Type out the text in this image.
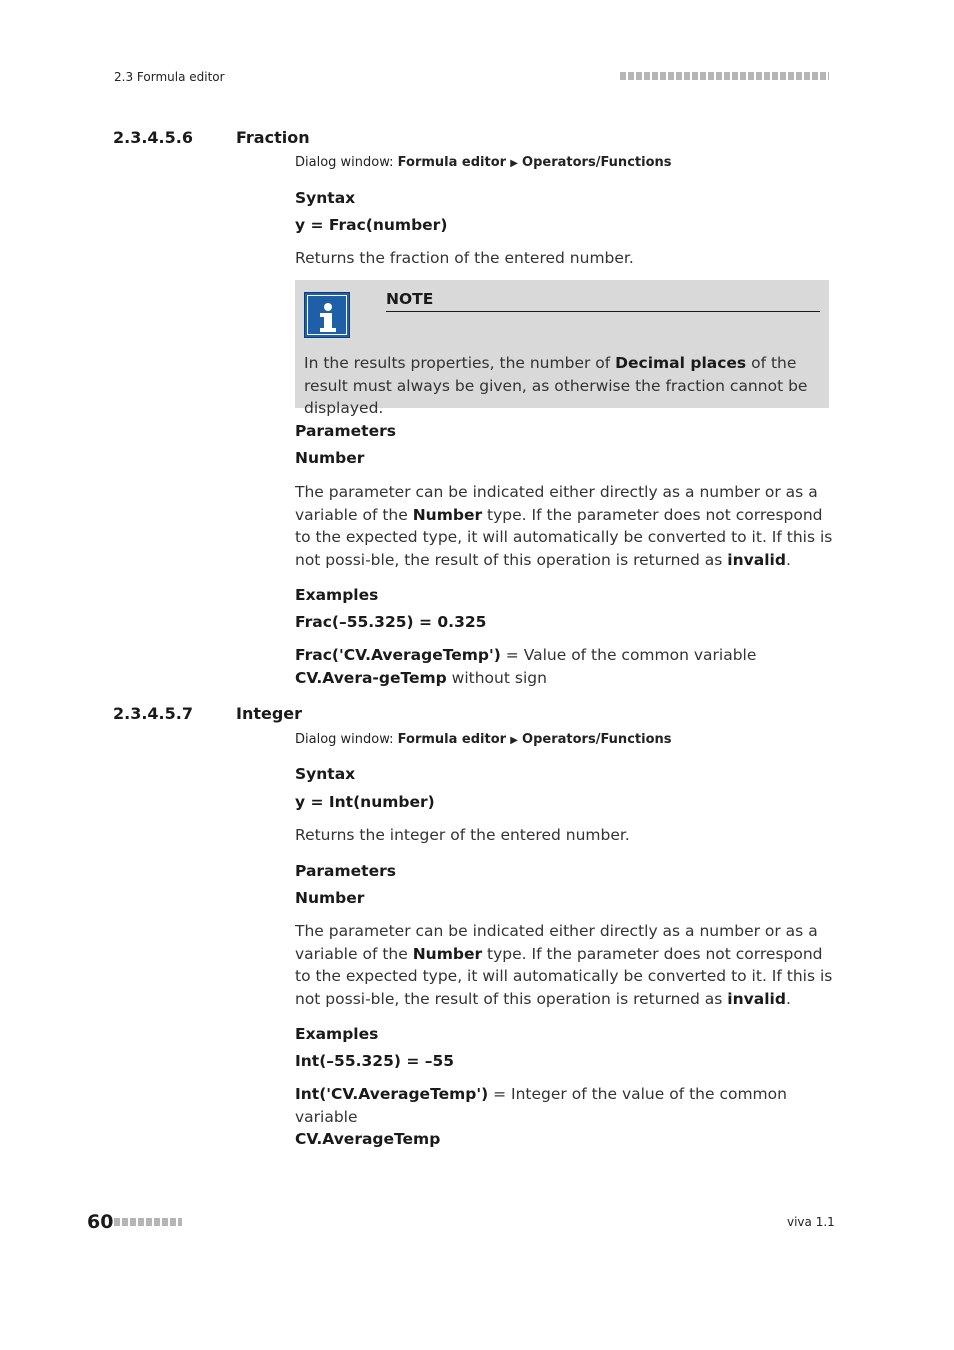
2.3 Formula editor
2.3.4.5.6	Fraction
Dialog window: Formula editor ▶ Operators/Functions
Syntax
y = Frac(number)
Returns the fraction of the entered number.
NOTE
In the results properties, the number of Decimal places of the result must always be given, as otherwise the fraction cannot be displayed.
Parameters
Number
The parameter can be indicated either directly as a number or as a variable of the Number type. If the parameter does not correspond to the expected type, it will automatically be converted to it. If this is not possi-ble, the result of this operation is returned as invalid.
Examples
Frac(–55.325) = 0.325
Frac('CV.AverageTemp') = Value of the common variable CV.Avera-geTemp without sign
2.3.4.5.7	Integer
Dialog window: Formula editor ▶ Operators/Functions
Syntax
y = Int(number)
Returns the integer of the entered number.
Parameters
Number
The parameter can be indicated either directly as a number or as a variable of the Number type. If the parameter does not correspond to the expected type, it will automatically be converted to it. If this is not possi-ble, the result of this operation is returned as invalid.
Examples
Int(–55.325) = –55
Int('CV.AverageTemp') = Integer of the value of the common variable
CV.AverageTemp
60	viva 1.1
